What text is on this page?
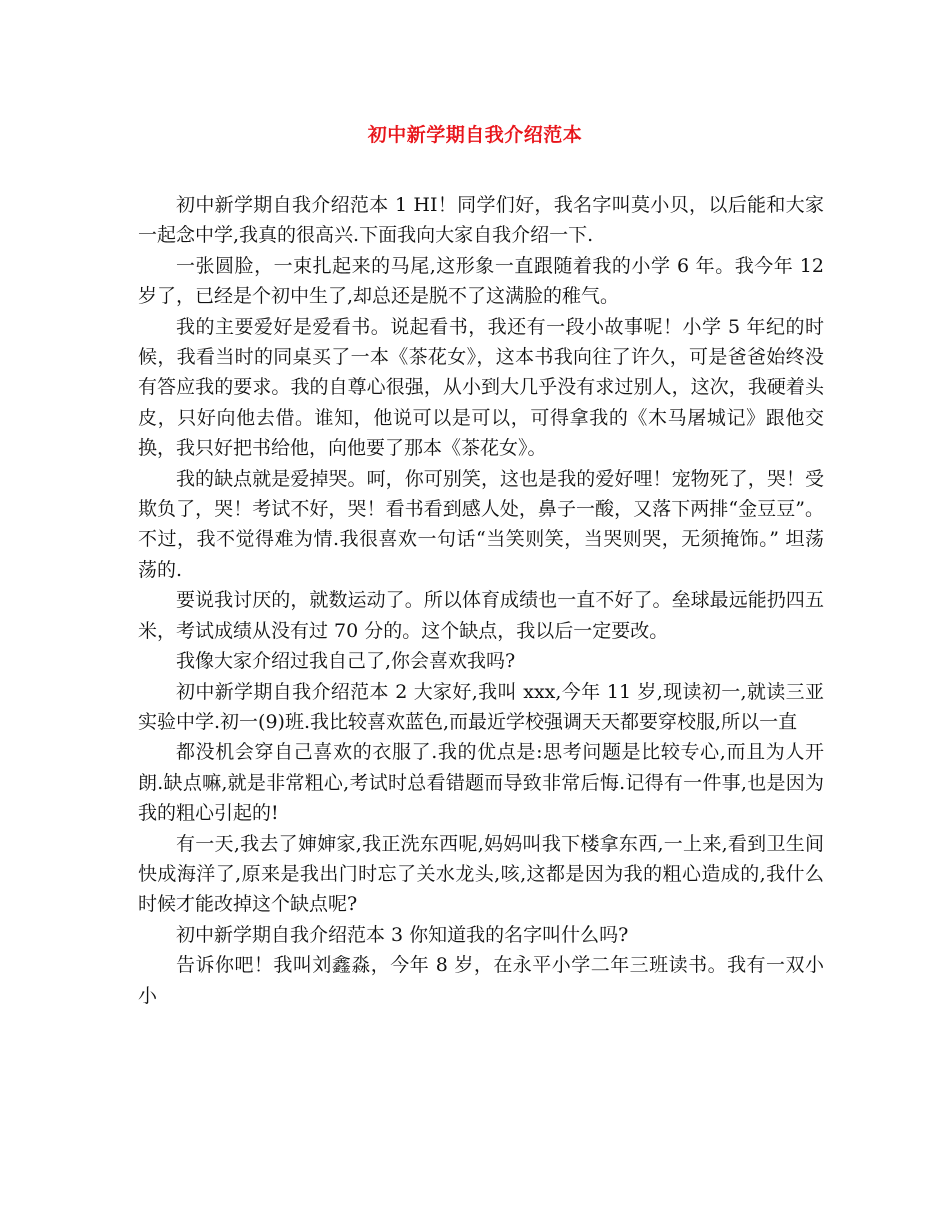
初中新学期自我介绍范本

初中新学期自我介绍范本 1 HI！同学们好，我名字叫莫小贝，以后能和大家一起念中学,我真的很高兴.下面我向大家自我介绍一下.

一张圆脸，一束扎起来的马尾,这形象一直跟随着我的小学 6 年。我今年 12 岁了，已经是个初中生了,却总还是脱不了这满脸的稚气。

我的主要爱好是爱看书。说起看书，我还有一段小故事呢！小学 5 年纪的时候，我看当时的同桌买了一本《茶花女》，这本书我向往了许久，可是爸爸始终没有答应我的要求。我的自尊心很强，从小到大几乎没有求过别人，这次，我硬着头皮，只好向他去借。谁知，他说可以是可以，可得拿我的《木马屠城记》跟他交换，我只好把书给他，向他要了那本《茶花女》。

我的缺点就是爱掉哭。呵，你可别笑，这也是我的爱好哩！宠物死了，哭！受欺负了，哭！考试不好，哭！看书看到感人处，鼻子一酸，又落下两排“金豆豆”。不过，我不觉得难为情.我很喜欢一句话“当笑则笑，当哭则哭，无须掩饰。” 坦荡荡的.

要说我讨厌的，就数运动了。所以体育成绩也一直不好了。垒球最远能扔四五米，考试成绩从没有过 70 分的。这个缺点，我以后一定要改。

我像大家介绍过我自己了,你会喜欢我吗?

初中新学期自我介绍范本 2 大家好,我叫 xxx,今年 11 岁,现读初一,就读三亚实验中学.初一(9)班.我比较喜欢蓝色,而最近学校强调天天都要穿校服,所以一直

都没机会穿自己喜欢的衣服了.我的优点是:思考问题是比较专心,而且为人开朗.缺点嘛,就是非常粗心,考试时总看错题而导致非常后悔.记得有一件事,也是因为我的粗心引起的!

有一天,我去了婶婶家,我正洗东西呢,妈妈叫我下楼拿东西,一上来,看到卫生间快成海洋了,原来是我出门时忘了关水龙头,咳,这都是因为我的粗心造成的,我什么时候才能改掉这个缺点呢?

初中新学期自我介绍范本 3 你知道我的名字叫什么吗?

告诉你吧！我叫刘鑫淼，今年 8 岁，在永平小学二年三班读书。我有一双小小
